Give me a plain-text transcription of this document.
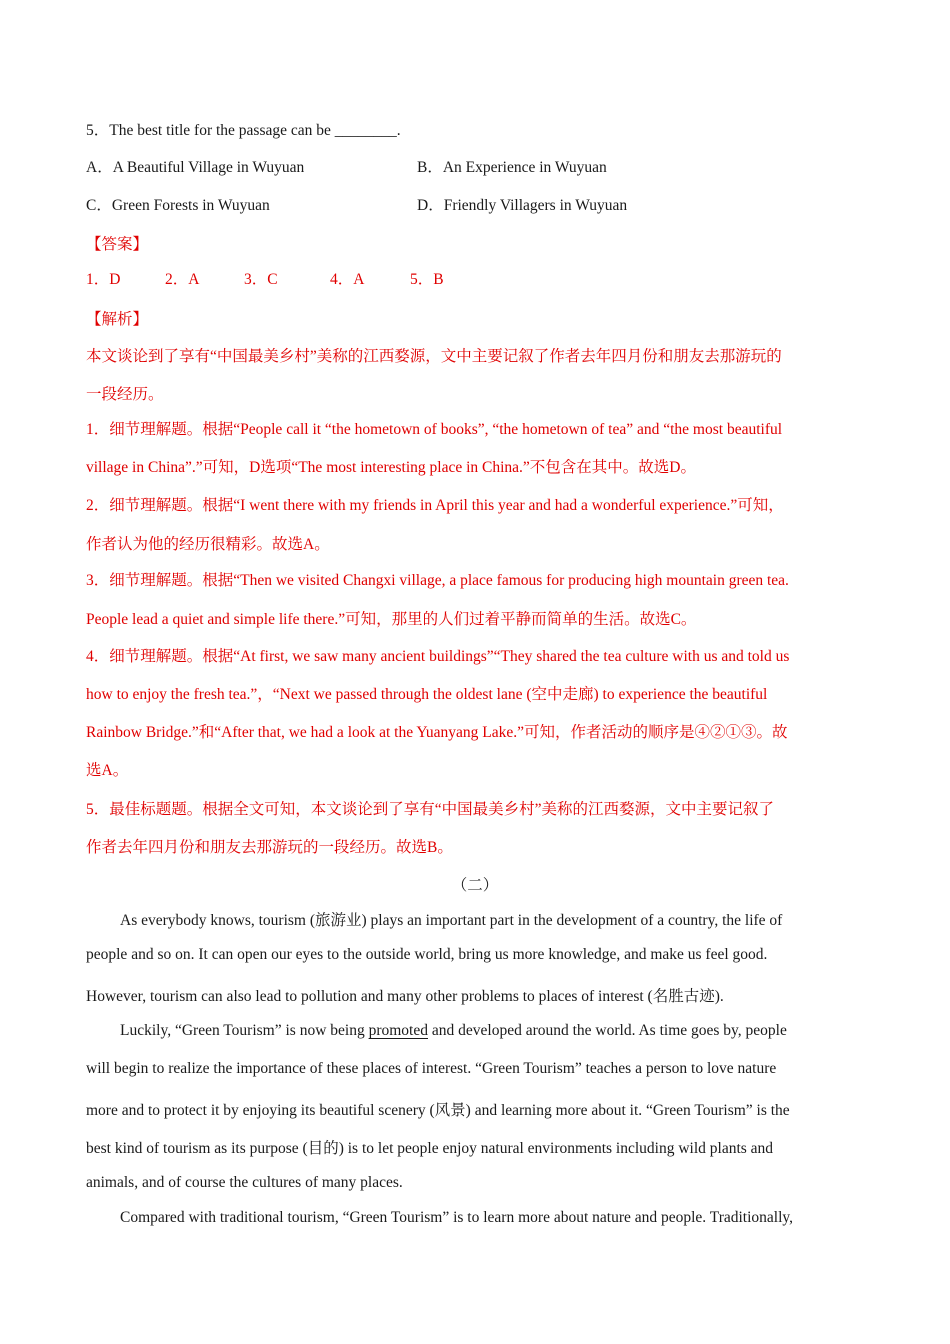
5．The best title for the passage can be ________.
A．A Beautiful Village in Wuyuan	B．An Experience in Wuyuan
C．Green Forests in Wuyuan	D．Friendly Villagers in Wuyuan
【答案】
1．D	2．A	3．C	4．A	5．B
【解析】
本文谈论到了享有“中国最美乡村”美称的江西婺源，文中主要记叙了作者去年四月份和朋友去那游玩的
一段经历。
1．细节理解题。根据“People call it “the hometown of books”, “the hometown of tea” and “the most beautiful
village in China”.”可知，D选项“The most interesting place in China.”不包含在其中。故选D。
2．细节理解题。根据“I went there with my friends in April this year and had a wonderful experience.”可知，
作者认为他的经历很精彩。故选A。
3．细节理解题。根据“Then we visited Changxi village, a place famous for producing high mountain green tea.
People lead a quiet and simple life there.”可知，那里的人们过着平静而简单的生活。故选C。
4．细节理解题。根据“At first, we saw many ancient buildings”“They shared the tea culture with us and told us
how to enjoy the fresh tea.”，“Next we passed through the oldest lane (空中走廊) to experience the beautiful
Rainbow Bridge.”和“After that, we had a look at the Yuanyang Lake.”可知，作者活动的顺序是④②①③。故
选A。
5．最佳标题题。根据全文可知，本文谈论到了享有“中国最美乡村”美称的江西婺源，文中主要记叙了
作者去年四月份和朋友去那游玩的一段经历。故选B。
（二）
As everybody knows, tourism (旅游业) plays an important part in the development of a country, the life of
people and so on. It can open our eyes to the outside world, bring us more knowledge, and make us feel good.
However, tourism can also lead to pollution and many other problems to places of interest (名胜古迹).
Luckily, “Green Tourism” is now being promoted and developed around the world. As time goes by, people
will begin to realize the importance of these places of interest. “Green Tourism” teaches a person to love nature
more and to protect it by enjoying its beautiful scenery (风景) and learning more about it. “Green Tourism” is the
best kind of tourism as its purpose (目的) is to let people enjoy natural environments including wild plants and
animals, and of course the cultures of many places.
Compared with traditional tourism, “Green Tourism” is to learn more about nature and people. Traditionally,
